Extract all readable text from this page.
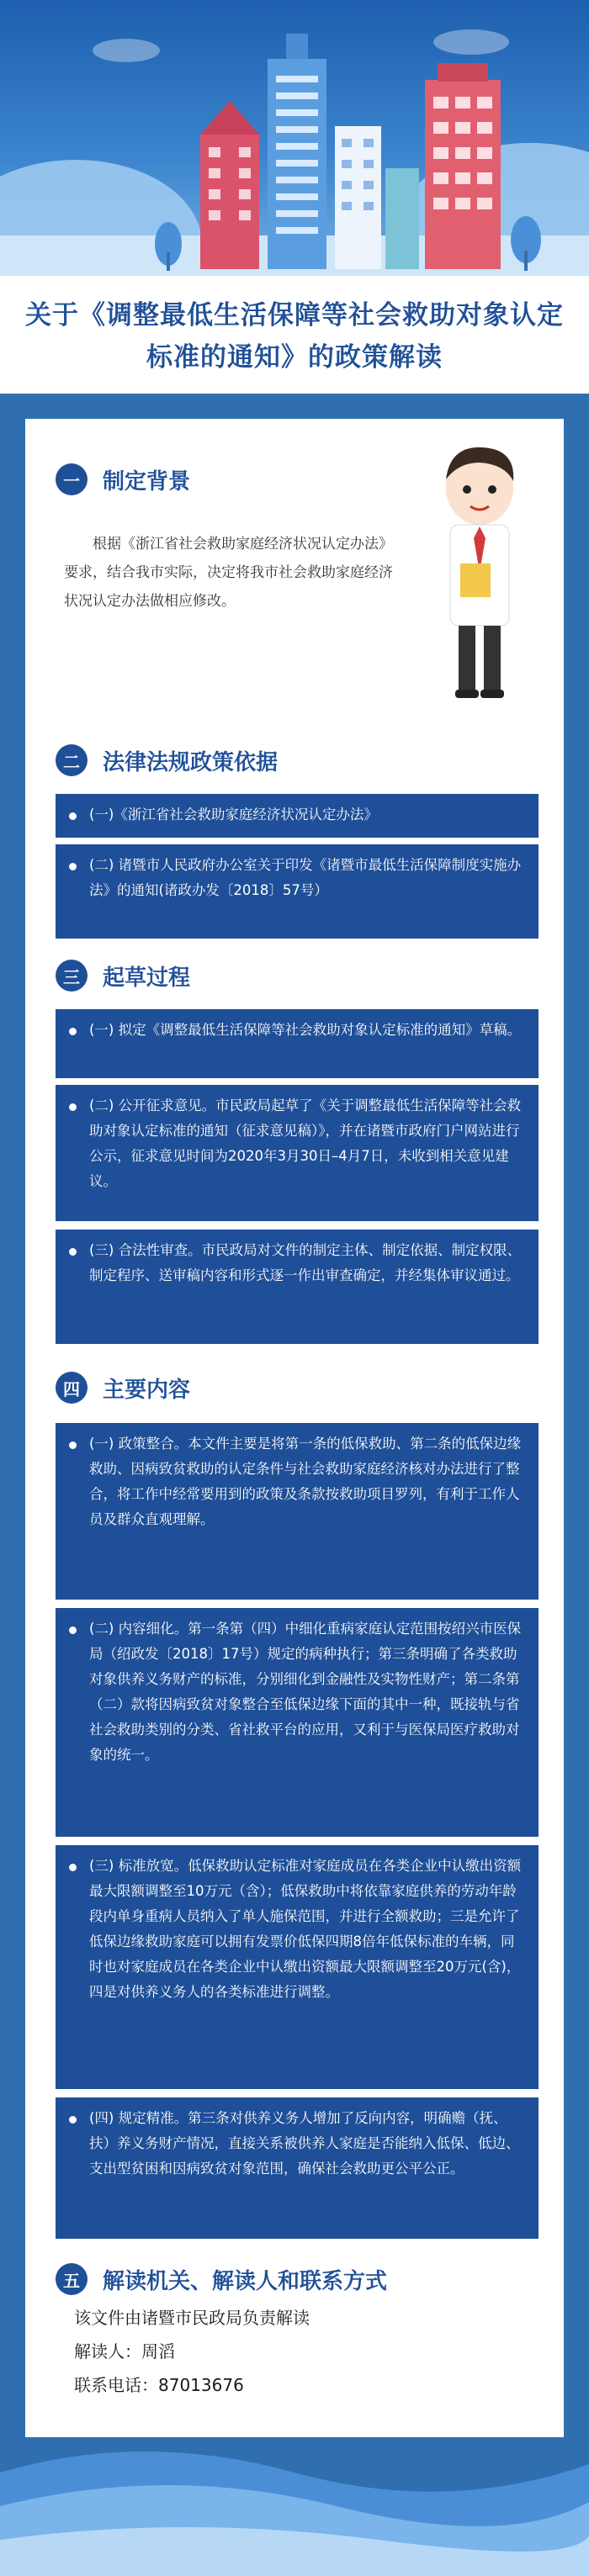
关于《调整最低生活保障等社会救助对象认定标准的通知》的政策解读
一	制定背景
根据《浙江省社会救助家庭经济状况认定办法》要求，结合我市实际，决定将我市社会救助家庭经济状况认定办法做相应修改。
二	法律法规政策依据
(一)《浙江省社会救助家庭经济状况认定办法》
(二) 诸暨市人民政府办公室关于印发《诸暨市最低生活保障制度实施办法》的通知(诸政办发〔2018〕57号）
三	起草过程
(一) 拟定《调整最低生活保障等社会救助对象认定标准的通知》草稿。
(二) 公开征求意见。市民政局起草了《关于调整最低生活保障等社会救助对象认定标准的通知（征求意见稿）》，并在诸暨市政府门户网站进行公示，征求意见时间为2020年3月30日–4月7日，未收到相关意见建议。
(三) 合法性审查。市民政局对文件的制定主体、制定依据、制定权限、制定程序、送审稿内容和形式逐一作出审查确定，并经集体审议通过。
四	主要内容
(一) 政策整合。本文件主要是将第一条的低保救助、第二条的低保边缘救助、因病致贫救助的认定条件与社会救助家庭经济核对办法进行了整合，将工作中经常要用到的政策及条款按救助项目罗列，有利于工作人员及群众直观理解。
(二) 内容细化。第一条第（四）中细化重病家庭认定范围按绍兴市医保局（绍政发〔2018〕17号）规定的病种执行；第三条明确了各类救助对象供养义务财产的标准，分别细化到金融性及实物性财产；第二条第（二）款将因病致贫对象整合至低保边缘下面的其中一种，既接轨与省社会救助类别的分类、省社救平台的应用，又利于与医保局医疗救助对象的统一。
(三) 标准放宽。低保救助认定标准对家庭成员在各类企业中认缴出资额最大限额调整至10万元（含）；低保救助中将依靠家庭供养的劳动年龄段内单身重病人员纳入了单人施保范围，并进行全额救助；三是允许了低保边缘救助家庭可以拥有发票价低保四期8倍年低保标准的车辆，同时也对家庭成员在各类企业中认缴出资额最大限额调整至20万元(含)，四是对供养义务人的各类标准进行调整。
(四) 规定精准。第三条对供养义务人增加了反向内容，明确赡（抚、扶）养义务财产情况，直接关系被供养人家庭是否能纳入低保、低边、支出型贫困和因病致贫对象范围，确保社会救助更公平公正。
五	解读机关、解读人和联系方式
该文件由诸暨市民政局负责解读
解读人：周滔
联系电话：87013676
